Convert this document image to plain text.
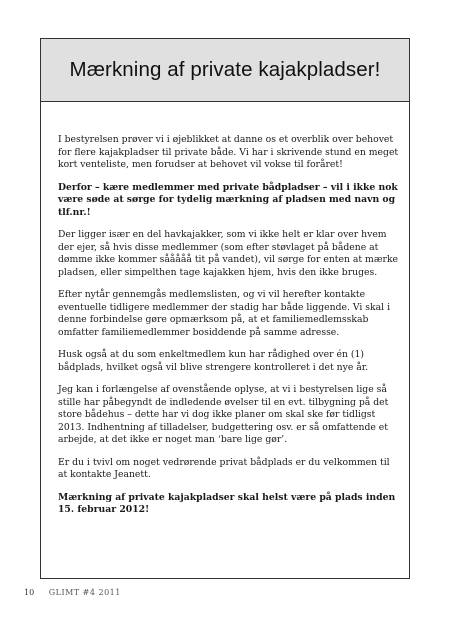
Mærkning af private kajakpladser!

I bestyrelsen prøver vi i øjeblikket at danne os et overblik over behovet for flere kajakpladser til private både. Vi har i skrivende stund en meget kort venteliste, men forudser at behovet vil vokse til foråret!

Derfor – kære medlemmer med private bådpladser – vil i ikke nok være søde at sørge for tydelig mærkning af pladsen med navn og tlf.nr.!

Der ligger især en del havkajakker, som vi ikke helt er klar over hvem der ejer, så hvis disse medlemmer (som efter støvlaget på bådene at dømme ikke kommer sååååå tit på vandet), vil sørge for enten at mærke pladsen, eller simpelthen tage kajakken hjem, hvis den ikke bruges.

Efter nytår gennemgås medlemslisten, og vi vil herefter kontakte eventuelle tidligere medlemmer der stadig har både liggende. Vi skal i denne forbindelse gøre opmærksom på, at et familiemedlemsskab omfatter familiemedlemmer bosiddende på samme adresse.

Husk også at du som enkeltmedlem kun har rådighed over én (1) bådplads, hvilket også vil blive strengere kontrolleret i det nye år.

Jeg kan i forlængelse af ovenstående oplyse, at vi i bestyrelsen lige så stille har påbegyndt de indledende øvelser til en evt. tilbygning på det store bådehus – dette har vi dog ikke planer om skal ske før tidligst 2013. Indhentning af tilladelser, budgettering osv. er så omfattende et arbejde, at det ikke er noget man ‘bare lige gør’.

Er du i tvivl om noget vedrørende privat bådplads er du velkommen til at kontakte Jeanett.

Mærkning af private kajakpladser skal helst være på plads inden 15. februar 2012!

10 GLIMT #4 2011
